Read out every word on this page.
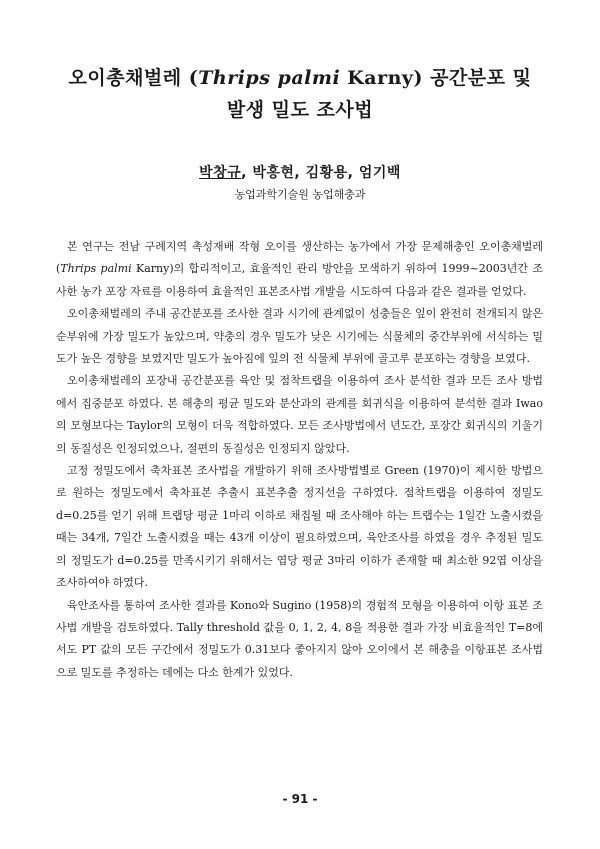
오이총채벌레 (Thrips palmi Karny) 공간분포 및
발생 밀도 조사법
박창규, 박홍현, 김황용, 엄기백
농업과학기술원 농업해충과

본 연구는 전남 구례지역 촉성재배 작형 오이를 생산하는 농가에서 가장 문제해충인 오이총채벌레 (Thrips palmi Karny)의 합리적이고, 효율적인 관리 방안을 모색하기 위하여 1999~2003년간 조사한 농가 포장 자료를 이용하여 효율적인 표본조사법 개발을 시도하여 다음과 같은 결과를 얻었다.

오이총채벌레의 주내 공간분포를 조사한 결과 시기에 관계없이 성충들은 잎이 완전히 전개되지 않은 순부위에 가장 밀도가 높았으며, 약충의 경우 밀도가 낮은 시기에는 식물체의 중간부위에 서식하는 밀도가 높은 경향을 보였지만 밀도가 높아짐에 잎의 전 식물체 부위에 골고루 분포하는 경향을 보였다.

오이총채벌레의 포장내 공간분포를 육안 및 점착트랩을 이용하여 조사 분석한 결과 모든 조사 방법에서 집중분포 하였다. 본 해충의 평균 밀도와 분산과의 관계를 회귀식을 이용하여 분석한 결과 Iwao의 모형보다는 Taylor의 모형이 더욱 적합하였다. 모든 조사방법에서 년도간, 포장간 회귀식의 기울기의 동질성은 인정되었으나, 절편의 동질성은 인정되지 않았다.

고정 정밀도에서 축차표본 조사법을 개발하기 위해 조사방법별로 Green (1970)이 제시한 방법으로 원하는 정밀도에서 축차표본 추출시 표본추출 정지선을 구하였다. 점착트랩을 이용하여 정밀도 d=0.25를 얻기 위해 트랩당 평균 1마리 이하로 채집될 때 조사해야 하는 트랩수는 1일간 노출시켰을 때는 34개, 7일간 노출시켰을 때는 43개 이상이 필요하였으며, 육안조사를 하였을 경우 추정된 밀도의 정밀도가 d=0.25를 만족시키기 위해서는 엽당 평균 3마리 이하가 존재할 때 최소한 92엽 이상을 조사하여야 하였다.

육안조사를 통하여 조사한 결과를 Kono와 Sugino (1958)의 경험적 모형을 이용하여 이항 표본 조사법 개발을 검토하였다. Tally threshold 값을 0, 1, 2, 4, 8을 적용한 결과 가장 비효율적인 T=8에서도 PT 값의 모든 구간에서 정밀도가 0.31보다 좋아지지 않아 오이에서 본 해충을 이항표본 조사법으로 밀도를 추정하는 데에는 다소 한계가 있었다.

- 91 -
